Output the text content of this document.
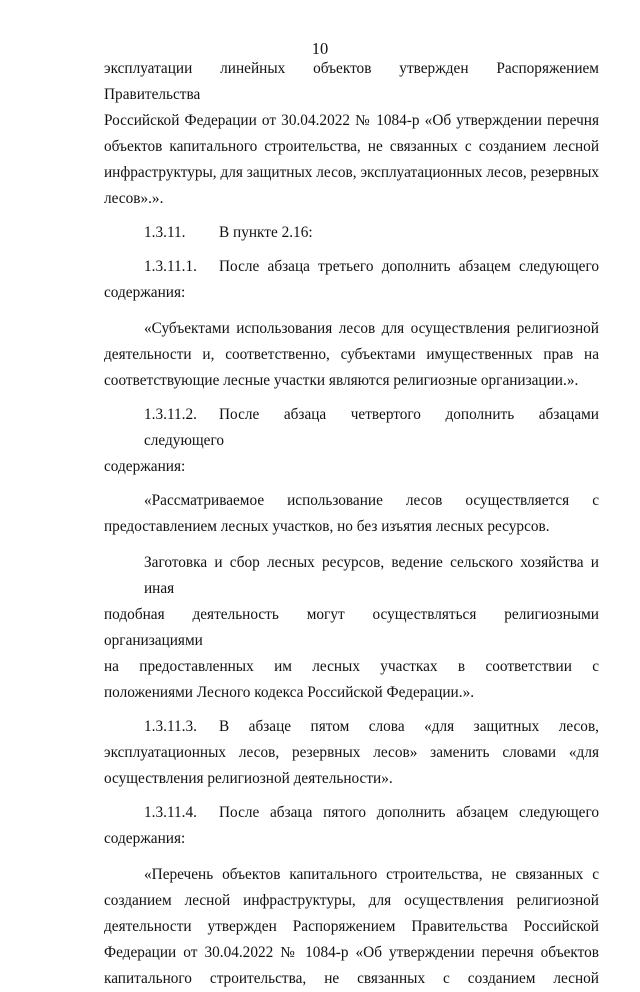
10

эксплуатации линейных объектов утвержден Распоряжением Правительства

Российской Федерации от 30.04.2022 № 1084-р «Об утверждении перечня

объектов капитального строительства, не связанных с созданием лесной

инфраструктуры, для защитных лесов, эксплуатационных лесов, резервных

лесов».».

1.3.11. В пункте 2.16:

1.3.11.1. После абзаца третьего дополнить абзацем следующего

содержания:

«Субъектами использования лесов для осуществления религиозной

деятельности и, соответственно, субъектами имущественных прав на

соответствующие лесные участки являются религиозные организации.».

1.3.11.2. После абзаца четвертого дополнить абзацами следующего

содержания:

«Рассматриваемое использование лесов осуществляется с

предоставлением лесных участков, но без изъятия лесных ресурсов.

Заготовка и сбор лесных ресурсов, ведение сельского хозяйства и иная

подобная деятельность могут осуществляться религиозными организациями

на предоставленных им лесных участках в соответствии с

положениями Лесного кодекса Российской Федерации.».

1.3.11.3. В абзаце пятом слова «для защитных лесов,

эксплуатационных лесов, резервных лесов» заменить словами «для

осуществления религиозной деятельности».

1.3.11.4. После абзаца пятого дополнить абзацем следующего

содержания:

«Перечень объектов капитального строительства, не связанных с

созданием лесной инфраструктуры, для осуществления религиозной

деятельности утвержден Распоряжением Правительства Российской

Федерации от 30.04.2022 № 1084-р «Об утверждении перечня объектов

капитального строительства, не связанных с созданием лесной
